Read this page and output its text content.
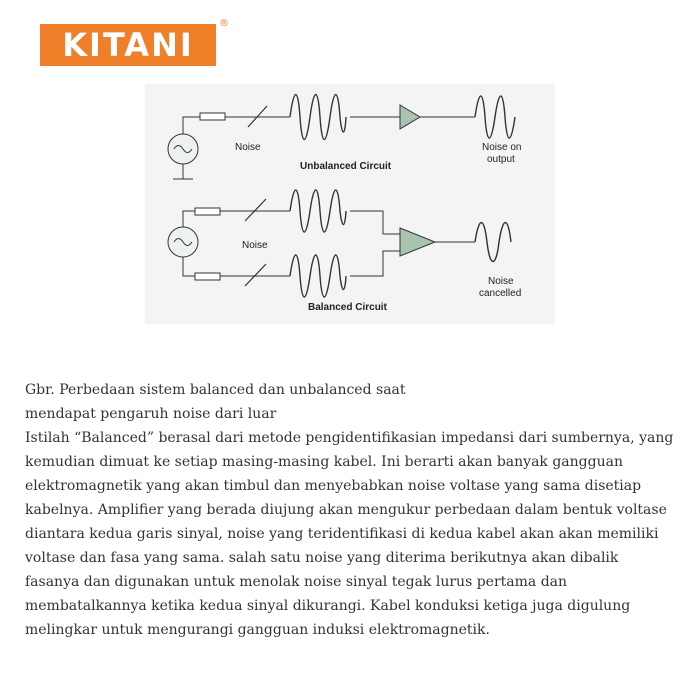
KITANI
®
Noise
Unbalanced Circuit
Noise on
output
Noise
Balanced Circuit
Noise
cancelled

Gbr. Perbedaan sistem balanced dan unbalanced saat

mendapat pengaruh noise dari luar

Istilah “Balanced” berasal dari metode pengidentifikasian impedansi dari sumbernya, yang kemudian dimuat ke setiap masing-masing kabel. Ini berarti akan banyak gangguan elektromagnetik yang akan timbul dan menyebabkan noise voltase yang sama disetiap kabelnya. Amplifier yang berada diujung akan mengukur perbedaan dalam bentuk voltase diantara kedua garis sinyal, noise yang teridentifikasi di kedua kabel akan akan memiliki voltase dan fasa yang sama. salah satu noise yang diterima berikutnya akan dibalik fasanya dan digunakan untuk menolak noise sinyal tegak lurus pertama dan membatalkannya ketika kedua sinyal dikurangi. Kabel konduksi ketiga juga digulung melingkar untuk mengurangi gangguan induksi elektromagnetik.
